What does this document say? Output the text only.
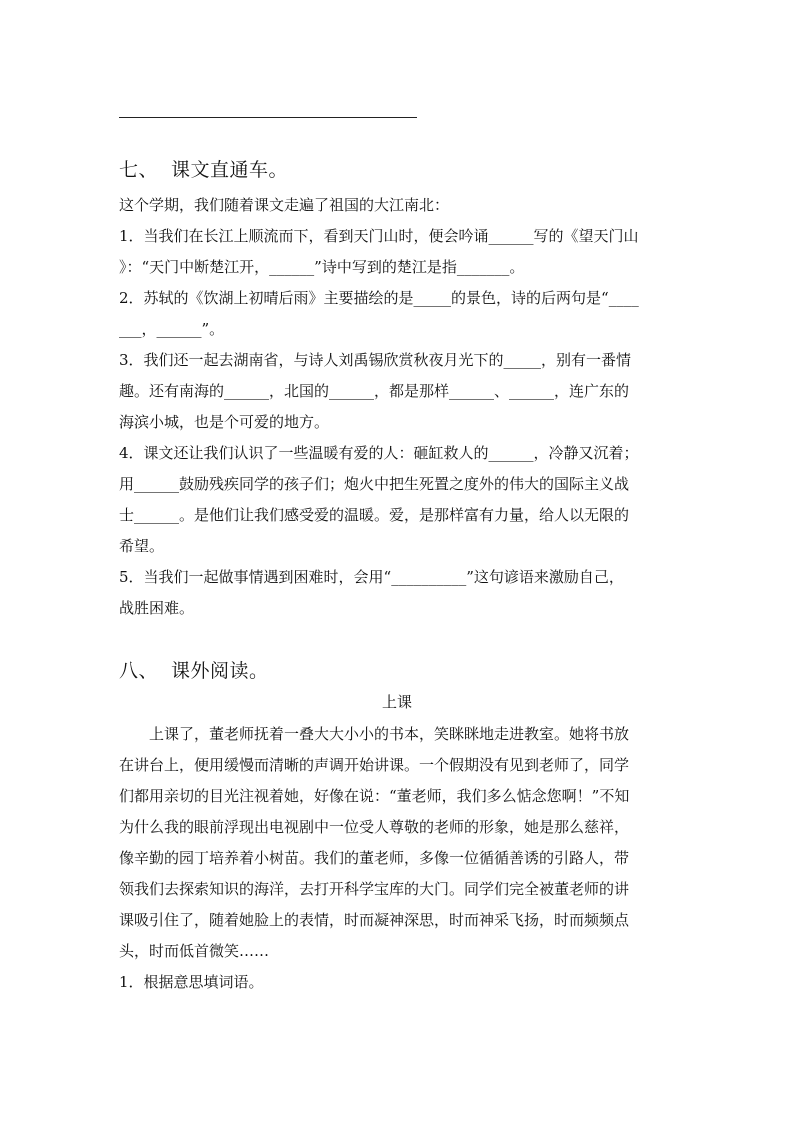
七、 课文直通车。
这个学期，我们随着课文走遍了祖国的大江南北：
1．当我们在长江上顺流而下，看到天门山时，便会吟诵______写的《望天门山
》：“天门中断楚江开，______”诗中写到的楚江是指_______。
2．苏轼的《饮湖上初晴后雨》主要描绘的是_____的景色，诗的后两句是“____
___，______”。
3．我们还一起去湖南省，与诗人刘禹锡欣赏秋夜月光下的_____，别有一番情
趣。还有南海的______，北国的______，都是那样______、______，连广东的
海滨小城，也是个可爱的地方。
4．课文还让我们认识了一些温暖有爱的人：砸缸救人的______，冷静又沉着；
用______鼓励残疾同学的孩子们；炮火中把生死置之度外的伟大的国际主义战
士______。是他们让我们感受爱的温暖。爱，是那样富有力量，给人以无限的
希望。
5．当我们一起做事情遇到困难时，会用“__________”这句谚语来激励自己，
战胜困难。
八、 课外阅读。
上课
上课了，董老师抚着一叠大大小小的书本，笑眯眯地走进教室。她将书放
在讲台上，便用缓慢而清晰的声调开始讲课。一个假期没有见到老师了，同学
们都用亲切的目光注视着她，好像在说：“董老师，我们多么惦念您啊！”不知
为什么我的眼前浮现出电视剧中一位受人尊敬的老师的形象，她是那么慈祥，
像辛勤的园丁培养着小树苗。我们的董老师，多像一位循循善诱的引路人，带
领我们去探索知识的海洋，去打开科学宝库的大门。同学们完全被董老师的讲
课吸引住了，随着她脸上的表情，时而凝神深思，时而神采飞扬，时而频频点
头，时而低首微笑……
1．根据意思填词语。
